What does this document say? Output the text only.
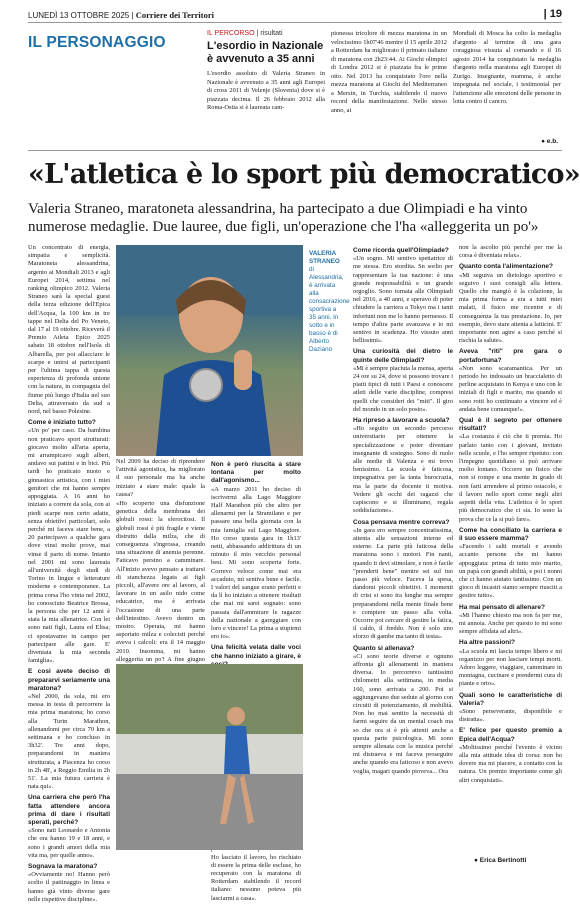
LUNEDÌ 13 OTTOBRE 2025 | Corriere dei Territori	| 19
IL PERSONAGGIO
IL PERCORSO | risultati
L'esordio in Nazionale è avvenuto a 35 anni
L'esordio assoluto di Valeria Straneo in Nazionale è avvenuto a 35 anni agli Europei di cross 2011 di Velenje (Slovenia) dove si è piazzata decima. Il 26 febbraio 2012 alla Roma-Ostia si è laureata cam-
pionessa tricolore di mezza maratona in un velocissimo 1h07'46 mentre il 15 aprile 2012 a Rotterdam ha migliorato il primato italiano di maratona con 2h23:44. Ai Giochi olimpici di Londra 2012 si è piazzata fra le prime otto. Nel 2013 ha conquistato l'oro nella mezza maratona ai Giochi del Mediterraneo a Mersin, in Turchia, stabilendo il nuovo record della manifestazione. Nello stesso anno, ai
Mondiali di Mosca ha colto la medaglia d'argento al termine di una gara coraggiosa vissuta al comando e il 16 agosto 2014 ha conquistato la medaglia d'argento nella maratona agli Europei di Zurigo. Insegnante, mamma, è anche impegnata nel sociale, i testimonial per l'attenzione alle emozioni delle persone in lotta contro il cancro.
● e.b.
«L'atletica è lo sport più democratico»
Valeria Straneo, maratoneta alessandrina, ha partecipato a due Olimpiadi e ha vinto numerose medaglie. Due lauree, due figli, un'operazione che l'ha «alleggerita un po'»

Un concentrato di energia, simpatia e semplicità. Maratoneta alessandrina, argento ai Mondiali 2013 e agli Europei 2014, settima nel ranking olimpico 2012. Valeria Straneo sarà la special guest della terza edizione dell'Epica dell'Acqua, la 100 km in tre tappe nel Delta del Po Veneto, dal 17 al 19 ottobre. Riceverà il Premio Atleta Epico 2025 sabato 18 ottobre nell'Isola di Albarella, per poi allacciare le scarpe e unirsi ai partecipanti per l'ultima tappa di questa esperienza di profonda unione con la natura, in compagnia del fiume più lungo d'Italia nel suo Delta, attraversato da sud a nord, nel basso Polesine.

Come è iniziato tutto?

«Un po' per caso. Da bambina non praticavo sport strutturati: giocavo molto all'aria aperta, mi arrampicavo sugli alberi, andavo sui pattini e in bici. Più tardi ho praticato nuoto e ginnastica artistica, con i miei genitori che mi hanno sempre appoggiata. A 16 anni ho iniziato a correre da sola, con ai piedi scarpe non certo adatte, senza obiettivi particolari, solo perché mi faceva stare bene, a 20 partecipavo a qualche gara dove vinsi molte prove, mai vinse il parto di nome. Intanto nel 2001 mi sono laureata all'università degli studi di Torino in lingue e letterature moderne e contemporanee. La prima corsa l'ho vinta nel 2002, ho conosciuto Beatrice Brossa, la persona che per 12 anni è stata la mia allenatrice. Con lei sono nati figli, Laura ed Elisa; ci spostavamo in campo per partecipare alle gare. E' diventata la mia seconda famiglia».

E così avete deciso di prepararvi seriamente una maratona?

«Nel 2000, da sola, mi ero messa in testa di percorrere la mia prima maratona; ho corso alla Turin Marathon, allenandomi per circa 70 km a settimana e ho concluso in 3h32'. Tre anni dopo, preparandomi in maniera strutturata, a Piacenza ho corso in 2h 48', a Reggio Emilia in 2h 51'. La mia futura carriera è nata qui».

Una carriera che però l'ha fatta attendere ancora prima di dare i risultati sperati, perché?

«Sono nati Leonardo e Antonia che ora hanno 19 e 18 anni, e sono i grandi amori della mia vita ma, per quelle anno».

Sognava la maratona?

«Ovviamente no! Hanno però scelto il pattinaggio in linea e hanno già vinto diverse gare nelle rispettive discipline».

VALERIA STRANEO
di Alessandria, è arrivata alla consacrazione sportiva a 35 anni. In sotto e in basso è di Alberto Daziano

Nel 2009 ha deciso di riprendere l'attività agonistica, ha migliorato il suo personale ma ha anche iniziato a stare male: quale la causa?

«Ho scoperto una disfunzione genetica della membrana dei globuli rossi: la sferocitosi. Il globuli rossi è più fragile e viene distrutto dalla milza, che di conseguenza s'ingrossa, creando una situazione di anemia perenne. Faticavo persino a camminare. All'inizio avevo pensato a trattarsi di stanchezza legata ai figli piccoli, all'avere ore al lavoro, al lavorare in un asilo nido come educatrice, ma è arrivata l'occasione di una parte dell'intestino. Avevo dentro un mostro. Operata, mi hanno asportato milza e colecisti perché aveva i calcoli: era il 14 maggio 2010. Insomma, mi hanno alleggerita un po'! A fine giugno

Non è però riuscita a stare lontana per molto dall'agonismo...

«A marzo 2011 ho deciso di iscrivermi alla Lago Maggiore Half Marathon più che altro per allenarmi per la Stramilano e per passare una bella giornata con la mia famiglia sul Lago Maggiore. Ho corso questa gara in 1h13' netti, abbassando addirittura di un minuto il mio vecchio personal best. Mi sono scoperta forte. Correvo veloce come mai era accaduto, mi sentiva bene e facile. I valori del sangue erano perfetti e da lì ho iniziato a ottenere risultati che mai mi sarei sognato: sono passata dall'ammirare le ragazze della nazionale a gareggiare con loro e vincere! La prima a stupirmi ero io».

Una felicità velata dalle voci che hanno iniziato a girare, è

Ho lasciato il lavoro, ho rischiato di essere la prima delle escluse, ho recuperato con la maratona di Rotterdam stabilendo il record italiano: nessuno poteva più lasciarmi a casa».

Come ricorda quell'Olimpiade?

«Un sogno. Mi sentivo spettatrice di me stessa. Ero stordita. Sn sorlio per rappresentare la tua nazione: è una grande responsabilità e un grande orgoglio. Sono tornata alle Olimpiadi nel 2016, a 40 anni, e speravo di poter chiudere la carriera a Tokyo ma i tanti infortuni non me lo hanno permesso. Il tempo d'altra parte avanzava e io mi sentivo in scadenza. Ho vissuto anni bellissimi».

Una curiosità dei dietro le quinte delle Olimpiadi?

«Mi è sempre piaciuta la mensa, aperta 24 ore su 24, dove si possono trovare i piatti tipici di tutti i Paesi e conoscere atleti delle varie discipline, compresi quelli che consideri dei "miti". Il giro del mondo in un solo posto».

Ha ripreso a lavorare a scuola?

«Ho seguito un secondo percorso universitario per ottenere la specializzazione e poter diventare insegnante di sostegno. Sono di ruolo alle medie di Valenza e mi trovo benissimo. La scuola è faticosa, impegnativa per la tanta burocrazia, ma la parte da docente ti motiva. Vedere gli occhi dei ragazzi che capiscono e si illuminano, regala soddisfazione».

Cosa pensava mentre correva?

«In gara ero sempre concentratissima, attenta alle sensazioni interne ed esterne. La parte più faticosa della maratona sono i motori. Fin nanti, quando ti devi stimolare, e non è facile "prenderti bene" mentre sei sul tuo passo più veloce. Faceva la spesa, dandomi piccoli obiettivi. I momenti di crisi si sono tra lunghe ma sempre preparandomi nella mente finale bene e compiere un passo alla volta. Occorre poi cercare di gestire la fatica, il caldo, il freddo. Non è solo uno sforzo di gambe ma tanto di testa».

Quanto si allenava?

«Ci sono teorie diverse e ognuno affronta gli allenamenti in maniera diversa. Io percorrevo tantissimi chilometri alla settimana, in media 160, sono arrivata a 200. Poi si aggiungevano due sedute al giorno con circuiti di potenziamento, di mobilità. Non ho mai sentito la necessità di farmi seguire da un mental coach ma so che ora si è più attenti anche a questa parte psicologica. Mi sono sempre allenata con la musica perché mi distraeva e mi faceva proseguire anche quando era faticoso e non avevo voglia, magari quando pioveva... Ora

non la ascolto più perché per me la corsa è diventata relax».

Quanto conta l'alimentazione?

«Mi seguiva un dietologo sportivo e seguivo i suoi consigli alla lettera. Quello che mangiò è la colazione, la mia prima forma a era a tutti miei malati, il fisico me ricentre e di conseguenza la tua prestazione. Io, per esempio, devo stare attenta a latticini. E' importante non agire a caso perché si rischia la salute».

Aveva "riti" pre gara o portafortuna?

«Non sono scaramantica. Per un periodo ho indossato un braccialetto di perline acquistato in Kenya e uno con le iniziali di figli e marito, ma quando si sono rotti ho continuato a vincere ed è andata bene comunque!».

Qual è il segreto per ottenere risultati?

«La costanza è ciò che ti premia. Ho parlato tanto con i giovani, invitato nelle scuole, e l'ho sempre ripetuto: con l'impegno quotidiano si può arrivare molto lontano. Occorre un fisico che non si rompe e una mente in grado di non farti arrendere al primo ostacolo, e il lavoro nello sport come negli altri aspetti della vita. L'atletica è lo sport più democratico che ci sia. Io sono la prova che ce la si può fare».

Come ha conciliato la carriera e il suo essere mamma?

«Facendo i salti mortali e avendo accanto persone che mi hanno appoggiata: prima di tutto mio marito, un papà con grandi abilità, e poi i nonni che ci hanno aiutato tantissimo. Con un gioco di incastri siamo sempre riusciti a gestire tutto».

Ha mai pensato di allenare?

«Mi l'hanno chiesto ma non fa per me, mi annoia. Anche per questo io mi sono sempre affidata ad altri».

Ha altre passioni?

«La scuola mi lascia tempo libero e mi organizzo per non lasciare tempi morti. Adoro leggere, viaggiare, camminare in montagna, cucinare e prendermi cura di piante e orto».

Quali sono le caratteristiche di Valeria?

«Sono perseverante, disponibile e distratta».

E' felice per questo premio a Epica dell'Acqua?

«Moltissimo perché l'evento è vicino alla mia attitude idea di corsa: non ho dovere ma mi piacere, a contatto con la natura. Un premio importante come gli altri conquistati».

● Erica Bertinotti
